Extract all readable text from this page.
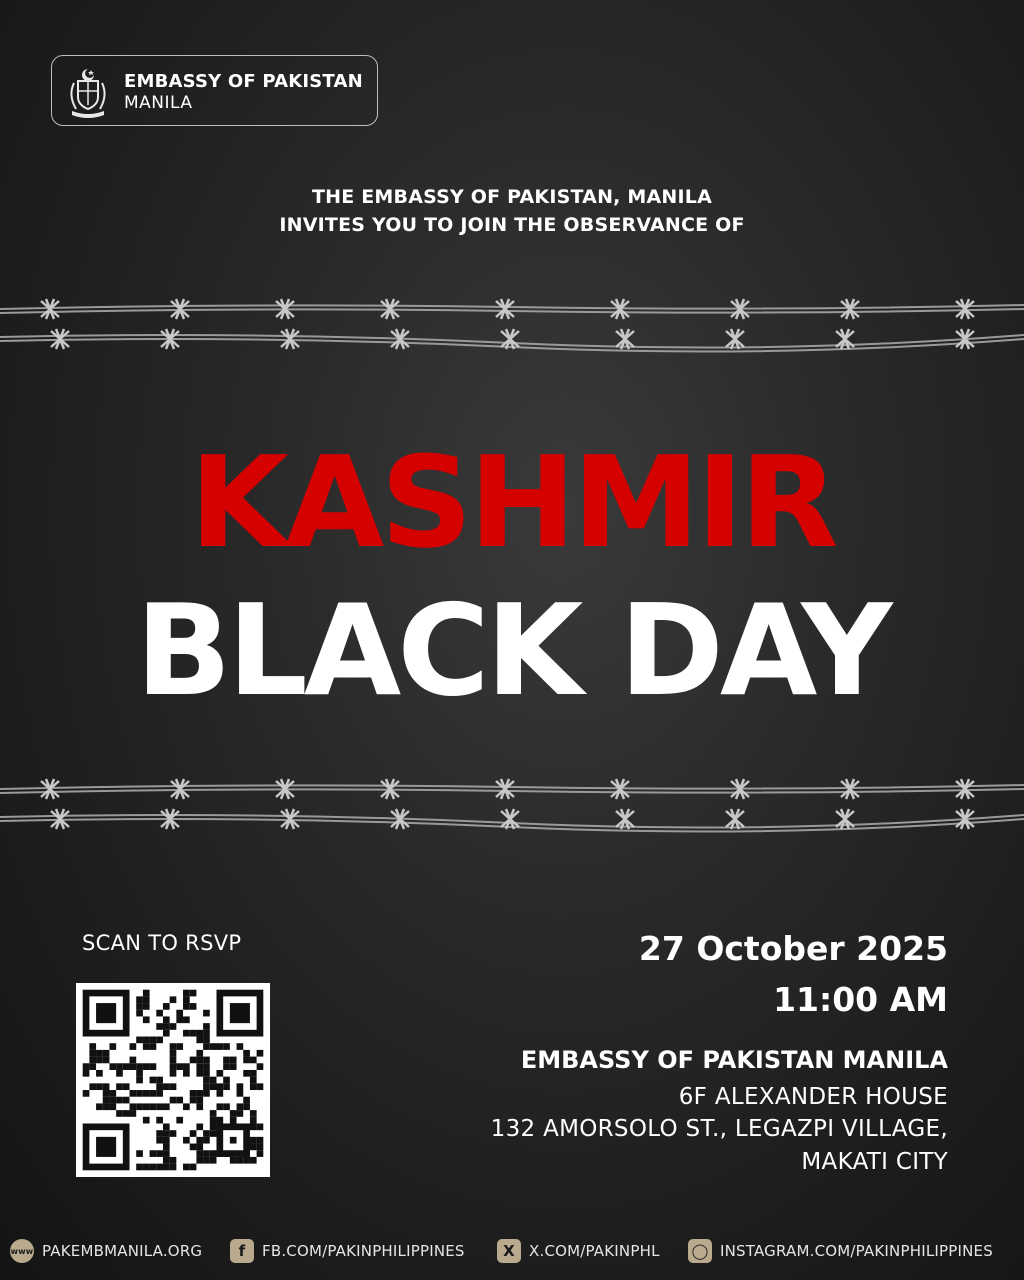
EMBASSY OF PAKISTAN
MANILA
THE EMBASSY OF PAKISTAN, MANILA
INVITES YOU TO JOIN THE OBSERVANCE OF
KASHMIR
BLACK DAY
SCAN TO RSVP	27 October 2025
11:00 AM
EMBASSY OF PAKISTAN MANILA
6F ALEXANDER HOUSE
132 AMORSOLO ST., LEGAZPI VILLAGE,
MAKATI CITY
www PAKEMBMANILA.ORG	f	FB.COM/PAKINPHILIPPINES	X X.COM/PAKINPHL ◯ INSTAGRAM.COM/PAKINPHILIPPINES
